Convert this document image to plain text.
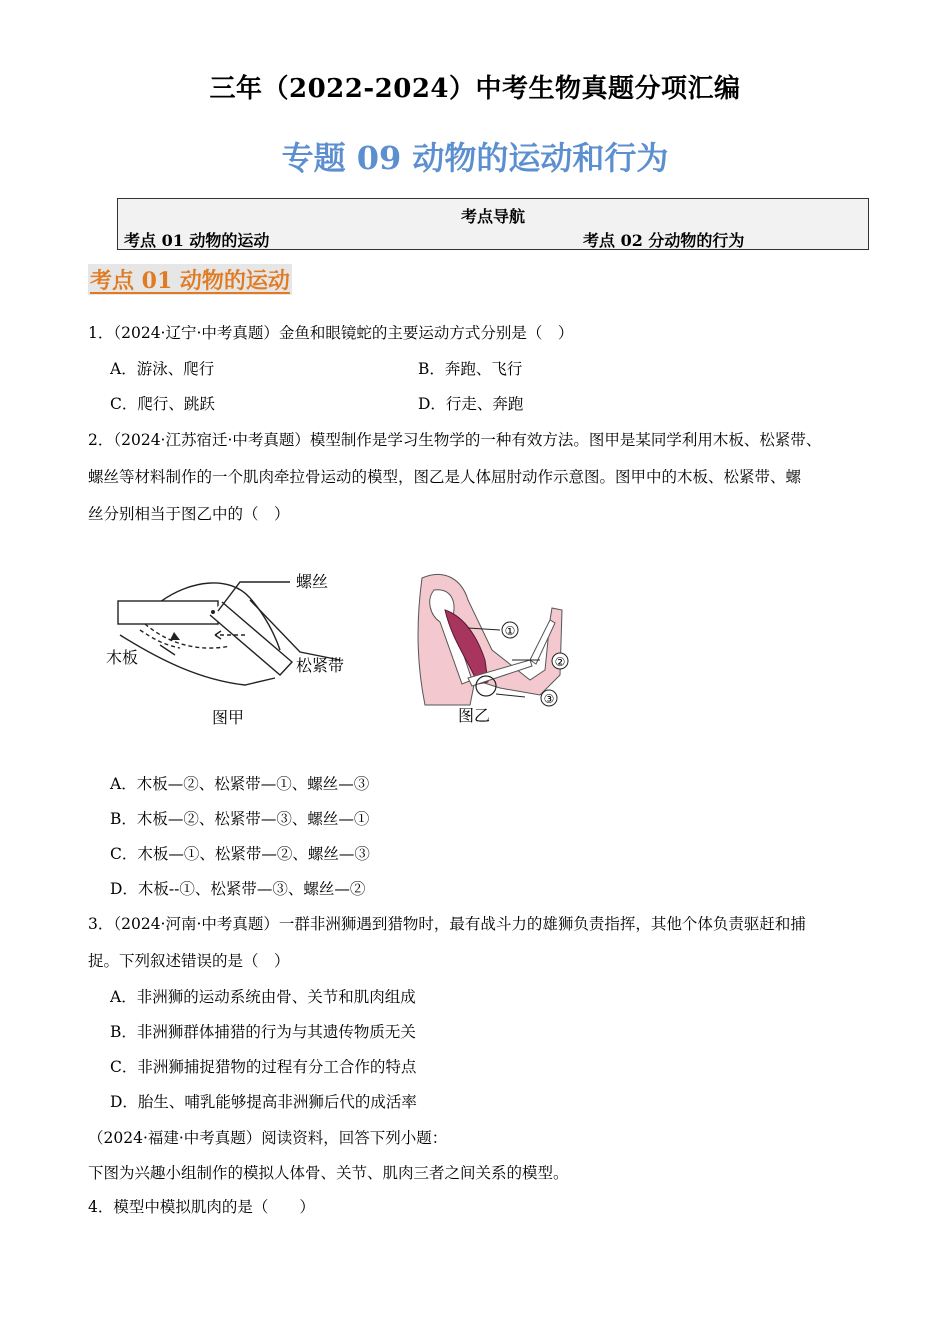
三年（2022-2024）中考生物真题分项汇编
专题 09 动物的运动和行为
考点导航
考点 01 动物的运动	考点 02 分动物的行为
考点 01 动物的运动
1．（2024·辽宁·中考真题）金鱼和眼镜蛇的主要运动方式分别是（　）
A．游泳、爬行	B．奔跑、飞行
C．爬行、跳跃	D．行走、奔跑
2．（2024·江苏宿迁·中考真题）模型制作是学习生物学的一种有效方法。图甲是某同学利用木板、松紧带、
螺丝等材料制作的一个肌肉牵拉骨运动的模型，图乙是人体屈肘动作示意图。图甲中的木板、松紧带、螺
丝分别相当于图乙中的（　）
螺丝
木板	松紧带
图甲
①
②
③
图乙
A．木板—②、松紧带—①、螺丝—③
B．木板—②、松紧带—③、螺丝—①
C．木板—①、松紧带—②、螺丝—③
D．木板--①、松紧带—③、螺丝—②
3．（2024·河南·中考真题）一群非洲狮遇到猎物时，最有战斗力的雄狮负责指挥，其他个体负责驱赶和捕
捉。下列叙述错误的是（　）
A．非洲狮的运动系统由骨、关节和肌肉组成
B．非洲狮群体捕猎的行为与其遗传物质无关
C．非洲狮捕捉猎物的过程有分工合作的特点
D．胎生、哺乳能够提高非洲狮后代的成活率
（2024·福建·中考真题）阅读资料，回答下列小题：
下图为兴趣小组制作的模拟人体骨、关节、肌肉三者之间关系的模型。
4．模型中模拟肌肉的是（　　）
